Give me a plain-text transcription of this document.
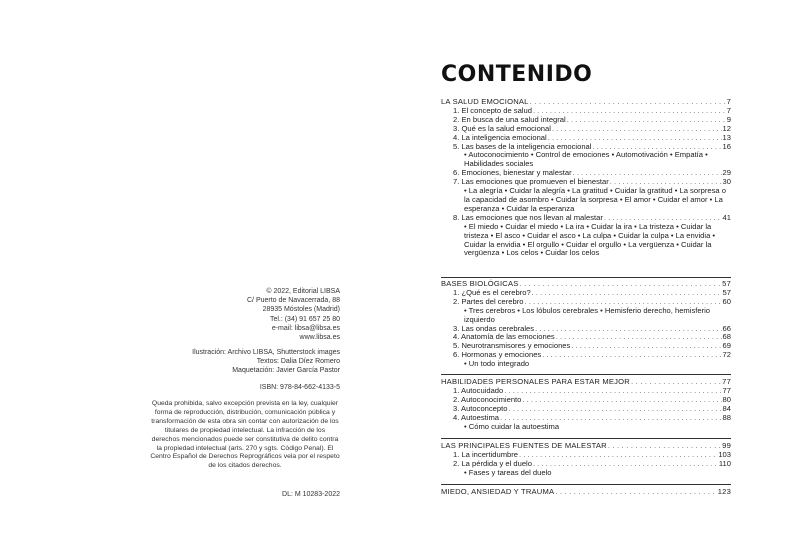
© 2022, Editorial LIBSA
C/ Puerto de Navacerrada, 88
28935 Móstoles (Madrid)
Tel.: (34) 91 657 25 80
e-mail: libsa@libsa.es
www.libsa.es
Ilustración: Archivo LIBSA, Shutterstock images
Textos: Dalia Díez Romero
Maquetación: Javier García Pastor
ISBN: 978-84-662-4133-5
Queda prohibida, salvo excepción prevista en la ley, cualquier forma de reproducción, distribución, comunicación pública y transformación de esta obra sin contar con autorización de los titulares de propiedad intelectual. La infracción de los derechos mencionados puede ser constitutiva de delito contra la propiedad intelectual (arts. 270 y sgts. Código Penal). El Centro Español de Derechos Reprográficos vela por el respeto de los citados derechos.
DL: M 10283-2022
CONTENIDO
LA SALUD EMOCIONAL . . .	7
1. El concepto de salud . . .	7
2. En busca de una salud integral . . .	9
3. Qué es la salud emocional . . .	12
4. La inteligencia emocional . . .	13
5. Las bases de la inteligencia emocional . . .	16
• Autoconocimiento • Control de emociones • Automotivación • Empatía • Habilidades sociales
6. Emociones, bienestar y malestar . . .	29
7. Las emociones que promueven el bienestar . . .	30
• La alegría • Cuidar la alegría • La gratitud • Cuidar la gratitud • La sorpresa o la capacidad de asombro • Cuidar la sorpresa • El amor • Cuidar el amor • La esperanza • Cuidar la esperanza
8. Las emociones que nos llevan al malestar . . .	41
• El miedo • Cuidar el miedo • La ira • Cuidar la ira • La tristeza • Cuidar la tristeza • El asco • Cuidar el asco • La culpa • Cuidar la culpa • La envidia • Cuidar la envidia • El orgullo • Cuidar el orgullo • La vergüenza • Cuidar la vergüenza • Los celos • Cuidar los celos
BASES BIOLÓGICAS . . .	57
1. ¿Qué es el cerebro? . . .	57
2. Partes del cerebro . . .	60
• Tres cerebros • Los lóbulos cerebrales • Hemisferio derecho, hemisferio izquierdo
3. Las ondas cerebrales . . .	66
4. Anatomía de las emociones . . .	68
5. Neurotransmisores y emociones . . .	69
6. Hormonas y emociones . . .	72
• Un todo integrado
HABILIDADES PERSONALES PARA ESTAR MEJOR . . .	77
1. Autocuidado . . .	77
2. Autoconocimiento . . .	80
3. Autoconcepto . . .	84
4. Autoestima . . .	88
• Cómo cuidar la autoestima
LAS PRINCIPALES FUENTES DE MALESTAR . . .	99
1. La incertidumbre . . .	103
2. La pérdida y el duelo . . .	110
• Fases y tareas del duelo
MIEDO, ANSIEDAD Y TRAUMA . . .	123
